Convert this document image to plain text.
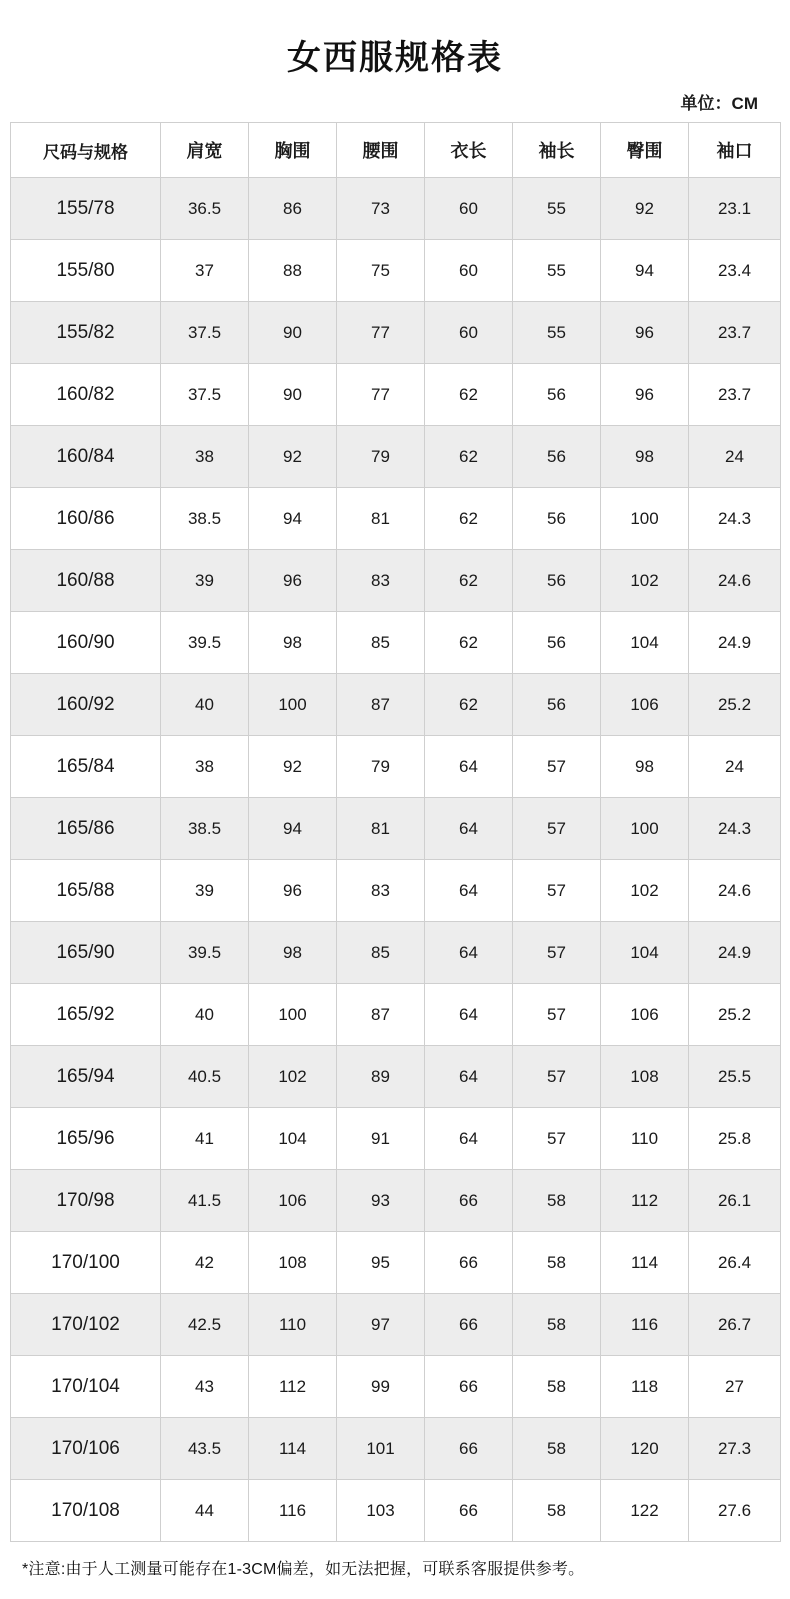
女西服规格表
单位：CM
尺码与规格	肩宽	胸围	腰围	衣长	袖长	臀围	袖口
155/78	36.5	86	73	60	55	92	23.1
155/80	37	88	75	60	55	94	23.4
155/82	37.5	90	77	60	55	96	23.7
160/82	37.5	90	77	62	56	96	23.7
160/84	38	92	79	62	56	98	24
160/86	38.5	94	81	62	56	100	24.3
160/88	39	96	83	62	56	102	24.6
160/90	39.5	98	85	62	56	104	24.9
160/92	40	100	87	62	56	106	25.2
165/84	38	92	79	64	57	98	24
165/86	38.5	94	81	64	57	100	24.3
165/88	39	96	83	64	57	102	24.6
165/90	39.5	98	85	64	57	104	24.9
165/92	40	100	87	64	57	106	25.2
165/94	40.5	102	89	64	57	108	25.5
165/96	41	104	91	64	57	110	25.8
170/98	41.5	106	93	66	58	112	26.1
170/100	42	108	95	66	58	114	26.4
170/102	42.5	110	97	66	58	116	26.7
170/104	43	112	99	66	58	118	27
170/106	43.5	114	101	66	58	120	27.3
170/108	44	116	103	66	58	122	27.6
*注意:由于人工测量可能存在1-3CM偏差，如无法把握，可联系客服提供参考。
